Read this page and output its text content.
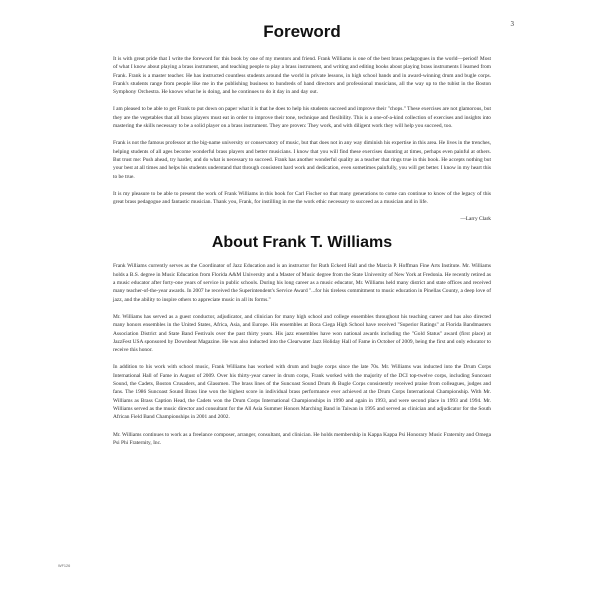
3
Foreword

It is with great pride that I write the foreword for this book by one of my mentors and friend. Frank Williams is one of the best brass pedagogues in the world—period! Most of what I know about playing a brass instrument, and teaching people to play a brass instrument, and writing and editing books about playing brass instruments I learned from Frank. Frank is a master teacher. He has instructed countless students around the world in private lessons, in high school bands and in award-winning drum and bugle corps. Frank's students range from people like me in the publishing business to hundreds of band directors and professional musicians, all the way up to the tubist in the Boston Symphony Orchestra. He knows what he is doing, and he continues to do it day in and day out.

I am pleased to be able to get Frank to put down on paper what it is that he does to help his students succeed and improve their "chops." These exercises are not glamorous, but they are the vegetables that all brass players must eat in order to improve their tone, technique and flexibility. This is a one-of-a-kind collection of exercises and insights into mastering the skills necessary to be a solid player on a brass instrument. They are proven: They work, and with diligent work they will help you succeed, too.

Frank is not the famous professor at the big-name university or conservatory of music, but that does not in any way diminish his expertise in this area. He lives in the trenches, helping students of all ages become wonderful brass players and better musicians. I know that you will find these exercises daunting at times, perhaps even painful at others. But trust me: Push ahead, try harder, and do what is necessary to succeed. Frank has another wonderful quality as a teacher that rings true in this book. He accepts nothing but your best at all times and helps his students understand that through consistent hard work and dedication, even sometimes painfully, you will get better. I know in my heart this to be true.

It is my pleasure to be able to present the work of Frank Williams in this book for Carl Fischer so that many generations to come can continue to know of the legacy of this great brass pedagogue and fantastic musician. Thank you, Frank, for instilling in me the work ethic necessary to succeed as a musician and in life.

—Larry Clark
About Frank T. Williams

Frank Williams currently serves as the Coordinator of Jazz Education and is an instructor for Ruth Eckerd Hall and the Marcia P. Hoffman Fine Arts Institute. Mr. Williams holds a B.S. degree in Music Education from Florida A&M University and a Master of Music degree from the State University of New York at Fredonia. He recently retired as a music educator after forty-one years of service in public schools. During his long career as a music educator, Mr. Williams held many district and state offices and received many teacher-of-the-year awards. In 2007 he received the Superintendent's Service Award "...for his tireless commitment to music education in Pinellas County, a deep love of jazz, and the ability to inspire others to appreciate music in all its forms."

Mr. Williams has served as a guest conductor, adjudicator, and clinician for many high school and college ensembles throughout his teaching career and has also directed many honors ensembles in the United States, Africa, Asia, and Europe. His ensembles at Boca Ciega High School have received "Superior Ratings" at Florida Bandmasters Association District and State Band Festivals over the past thirty years. His jazz ensembles have won national awards including the "Gold Status" award (first place) at JazzFest USA sponsored by Downbeat Magazine. He was also inducted into the Clearwater Jazz Holiday Hall of Fame in October of 2009, being the first and only educator to receive this honor.

In addition to his work with school music, Frank Williams has worked with drum and bugle corps since the late 70s. Mr. Williams was inducted into the Drum Corps International Hall of Fame in August of 2009. Over his thirty-year career in drum corps, Frank worked with the majority of the DCI top-twelve corps, including Suncoast Sound, the Cadets, Boston Crusaders, and Glassmen. The brass lines of the Suncoast Sound Drum & Bugle Corps consistently received praise from colleagues, judges and fans. The 1986 Suncoast Sound Brass line won the highest score in individual brass performance ever achieved at the Drum Corps International Championship. With Mr. Williams as Brass Caption Head, the Cadets won the Drum Corps International Championships in 1990 and again in 1993, and were second place in 1993 and 1994. Mr. Williams served as the music director and consultant for the All Asia Summer Honors Marching Band in Taiwan in 1995 and served as clinician and adjudicator for the South African Field Band Championships in 2001 and 2002.

Mr. Williams continues to work as a freelance composer, arranger, consultant, and clinician. He holds membership in Kappa Kappa Psi Honorary Music Fraternity and Omega Psi Phi Fraternity, Inc.

WF126
